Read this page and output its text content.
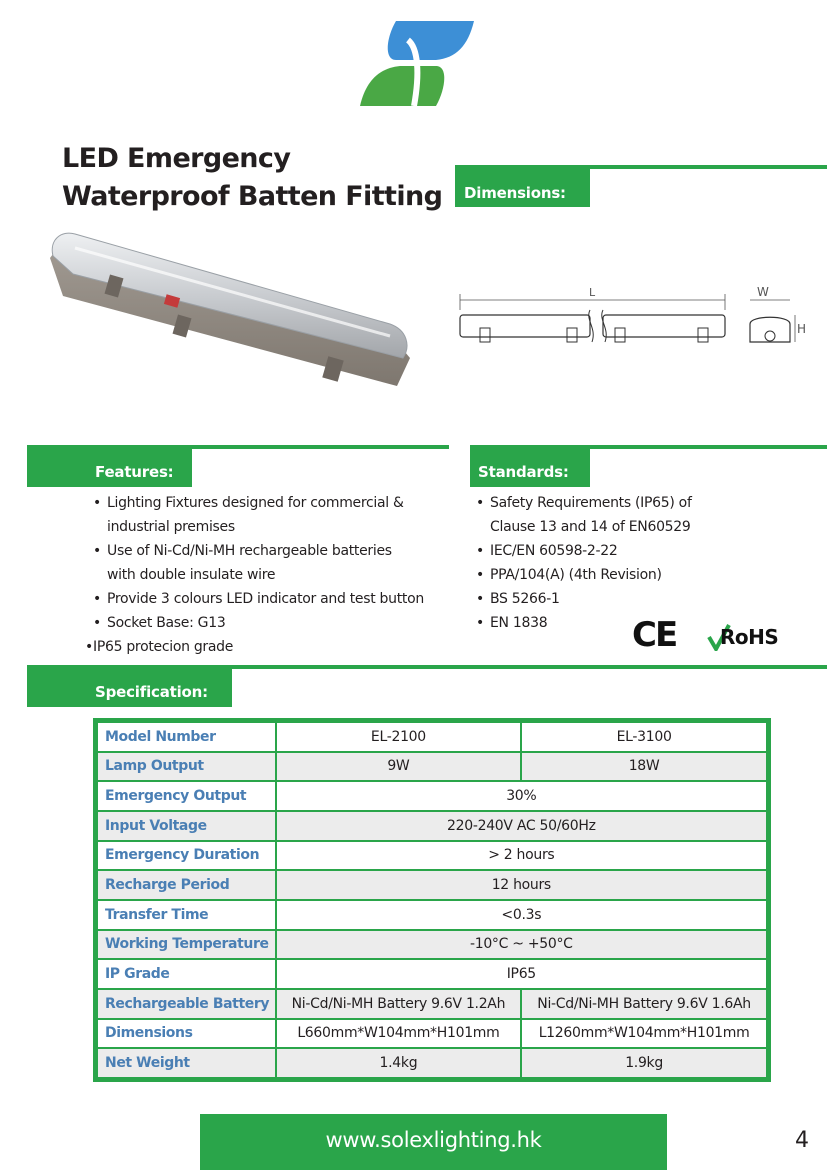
LED Emergency
Waterproof Batten Fitting Dimensions:
L	W
H
Features:	Standards:
• Lighting Fixtures designed for commercial &
industrial premises
• Use of Ni-Cd/Ni-MH rechargeable batteries
with double insulate wire
• Provide 3 colours LED indicator and test button
• Socket Base: G13
• IP65 protecion grade
• Safety Requirements (IP65) of
Clause 13 and 14 of EN60529
• IEC/EN 60598-2-22
• PPA/104(A) (4th Revision)
• BS 5266-1
• EN 1838	CE RoHS
Specification:
Model Number	EL-2100	EL-3100
Lamp Output	9W	18W
Emergency Output	30%	
Input Voltage	220-240V AC 50/60Hz	
Emergency Duration	> 2 hours	
Recharge Period	12 hours	
Transfer Time	<0.3s	
Working Temperature	-10°C ~ +50°C	
IP Grade	IP65	
Rechargeable Battery	Ni-Cd/Ni-MH Battery 9.6V 1.2Ah	Ni-Cd/Ni-MH Battery 9.6V 1.6Ah
Dimensions	L660mm*W104mm*H101mm	L1260mm*W104mm*H101mm
Net Weight	1.4kg	1.9kg
www.solexlighting.hk	4
